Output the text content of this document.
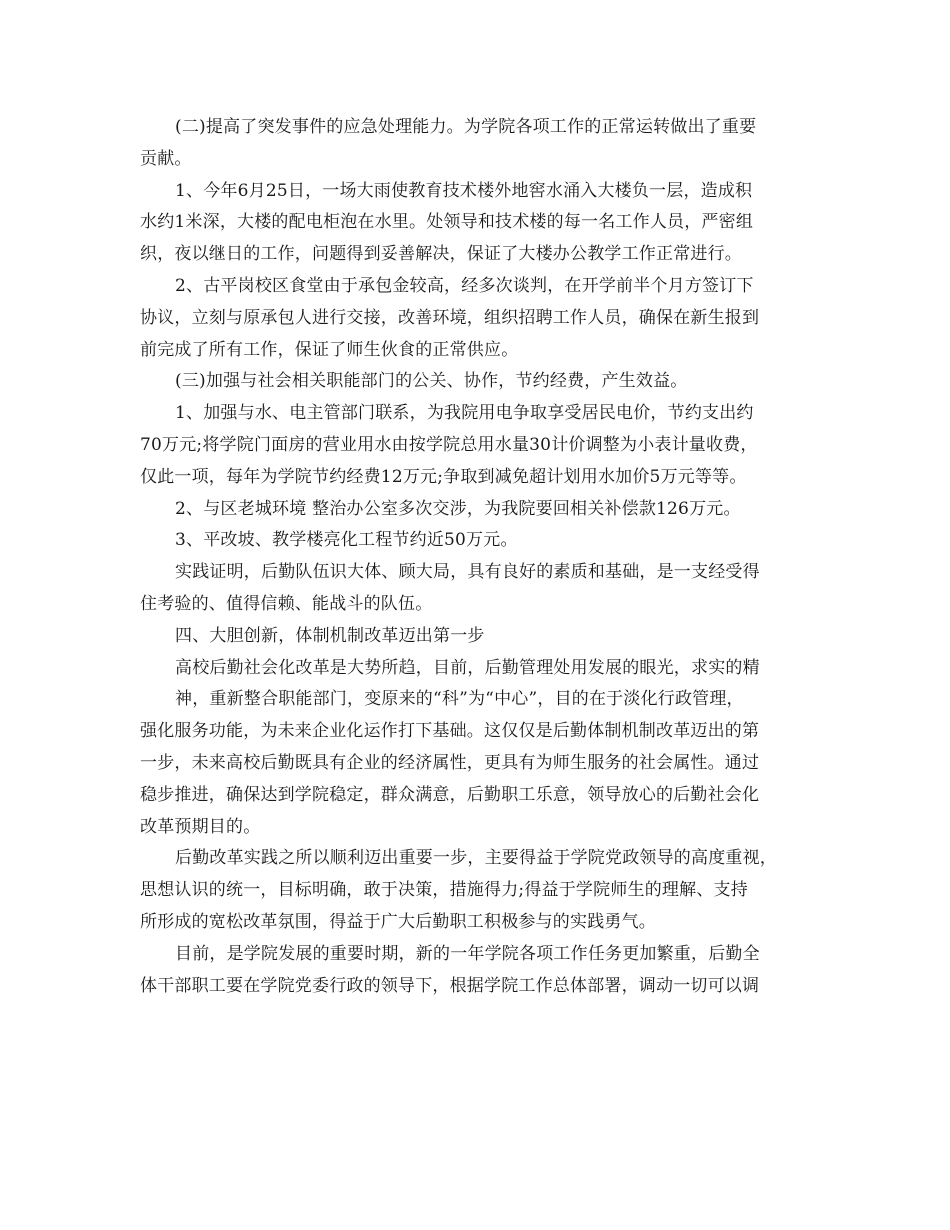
(二)提高了突发事件的应急处理能力。为学院各项工作的正常运转做出了重要
贡献。
1、今年6月25日，一场大雨使教育技术楼外地窖水涌入大楼负一层，造成积
水约1米深，大楼的配电柜泡在水里。处领导和技术楼的每一名工作人员，严密组
织，夜以继日的工作，问题得到妥善解决，保证了大楼办公教学工作正常进行。
2、古平岗校区食堂由于承包金较高，经多次谈判，在开学前半个月方签订下
协议，立刻与原承包人进行交接，改善环境，组织招聘工作人员，确保在新生报到
前完成了所有工作，保证了师生伙食的正常供应。
(三)加强与社会相关职能部门的公关、协作，节约经费，产生效益。
1、加强与水、电主管部门联系，为我院用电争取享受居民电价，节约支出约
70万元;将学院门面房的营业用水由按学院总用水量30计价调整为小表计量收费，
仅此一项，每年为学院节约经费12万元;争取到减免超计划用水加价5万元等等。
2、与区老城环境 整治办公室多次交涉，为我院要回相关补偿款126万元。
3、平改坡、教学楼亮化工程节约近50万元。
实践证明，后勤队伍识大体、顾大局，具有良好的素质和基础，是一支经受得
住考验的、值得信赖、能战斗的队伍。
四、大胆创新，体制机制改革迈出第一步
高校后勤社会化改革是大势所趋，目前，后勤管理处用发展的眼光，求实的精
神，重新整合职能部门，变原来的“科”为“中心”，目的在于淡化行政管理，
强化服务功能，为未来企业化运作打下基础。这仅仅是后勤体制机制改革迈出的第
一步，未来高校后勤既具有企业的经济属性，更具有为师生服务的社会属性。通过
稳步推进，确保达到学院稳定，群众满意，后勤职工乐意，领导放心的后勤社会化
改革预期目的。
后勤改革实践之所以顺利迈出重要一步，主要得益于学院党政领导的高度重视，
思想认识的统一，目标明确，敢于决策，措施得力;得益于学院师生的理解、支持
所形成的宽松改革氛围，得益于广大后勤职工积极参与的实践勇气。
目前，是学院发展的重要时期，新的一年学院各项工作任务更加繁重，后勤全
体干部职工要在学院党委行政的领导下，根据学院工作总体部署，调动一切可以调
